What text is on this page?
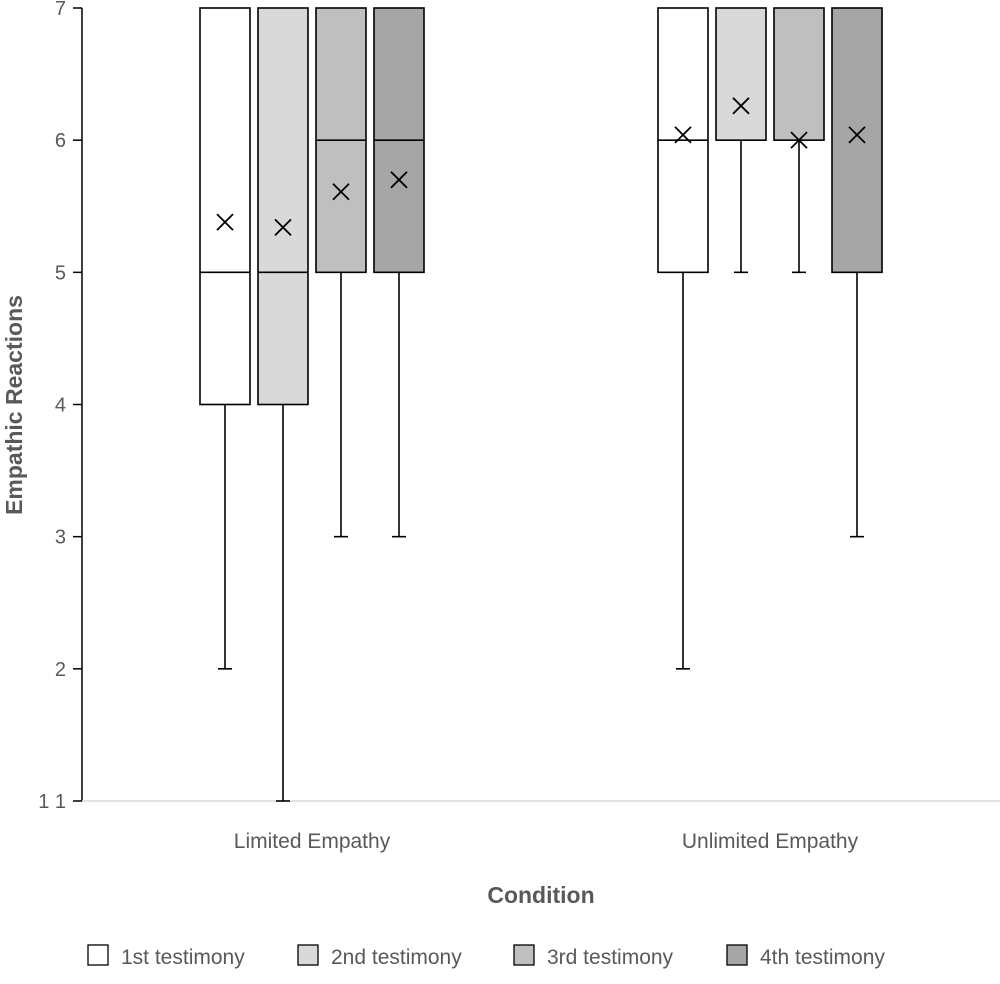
1 1
2
3
4
5
6
7
Limited Empathy	Unlimited Empathy
Empathic Reactions
Condition
1st testimony	2nd testimony	3rd testimony	4th testimony
